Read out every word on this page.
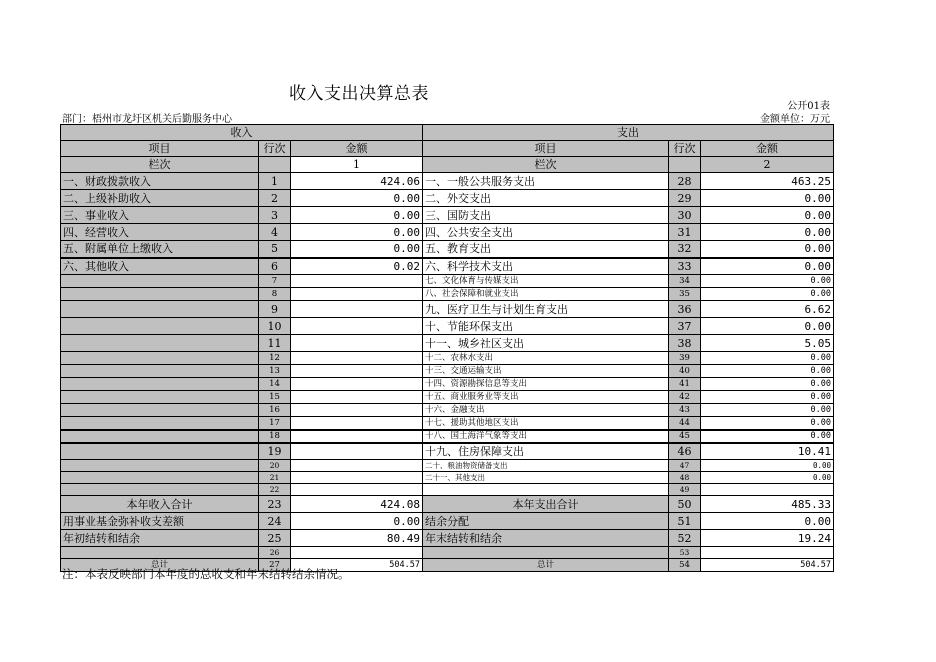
收入支出决算总表
公开01表
部门：梧州市龙圩区机关后勤服务中心	金额单位：万元
收入			支出		
项目	行次	金额	项目	行次	金额
栏次		1	栏次		2
一、财政拨款收入	1	424.06	一、一般公共服务支出	28	463.25
二、上级补助收入	2	0.00	二、外交支出	29	0.00
三、事业收入	3	0.00	三、国防支出	30	0.00
四、经营收入	4	0.00	四、公共安全支出	31	0.00
五、附属单位上缴收入	5	0.00	五、教育支出	32	0.00
六、其他收入	6	0.02	六、科学技术支出	33	0.00
	7		七、文化体育与传媒支出	34	0.00
	8		八、社会保障和就业支出	35	0.00
	9		九、医疗卫生与计划生育支出	36	6.62
	10		十、节能环保支出	37	0.00
	11		十一、城乡社区支出	38	5.05
	12		十二、农林水支出	39	0.00
	13		十三、交通运输支出	40	0.00
	14		十四、资源勘探信息等支出	41	0.00
	15		十五、商业服务业等支出	42	0.00
	16		十六、金融支出	43	0.00
	17		十七、援助其他地区支出	44	0.00
	18		十八、国土海洋气象等支出	45	0.00
	19		十九、住房保障支出	46	10.41
	20		二十、粮油物资储备支出	47	0.00
	21		二十一、其他支出	48	0.00
	22			49	
本年收入合计	23	424.08	本年支出合计	50	485.33
用事业基金弥补收支差额	24	0.00	结余分配	51	0.00
年初结转和结余	25	80.49	年末结转和结余	52	19.24
	26			53	
总计	27	504.57	总计	54	504.57
注：本表反映部门本年度的总收支和年末结转结余情况。
